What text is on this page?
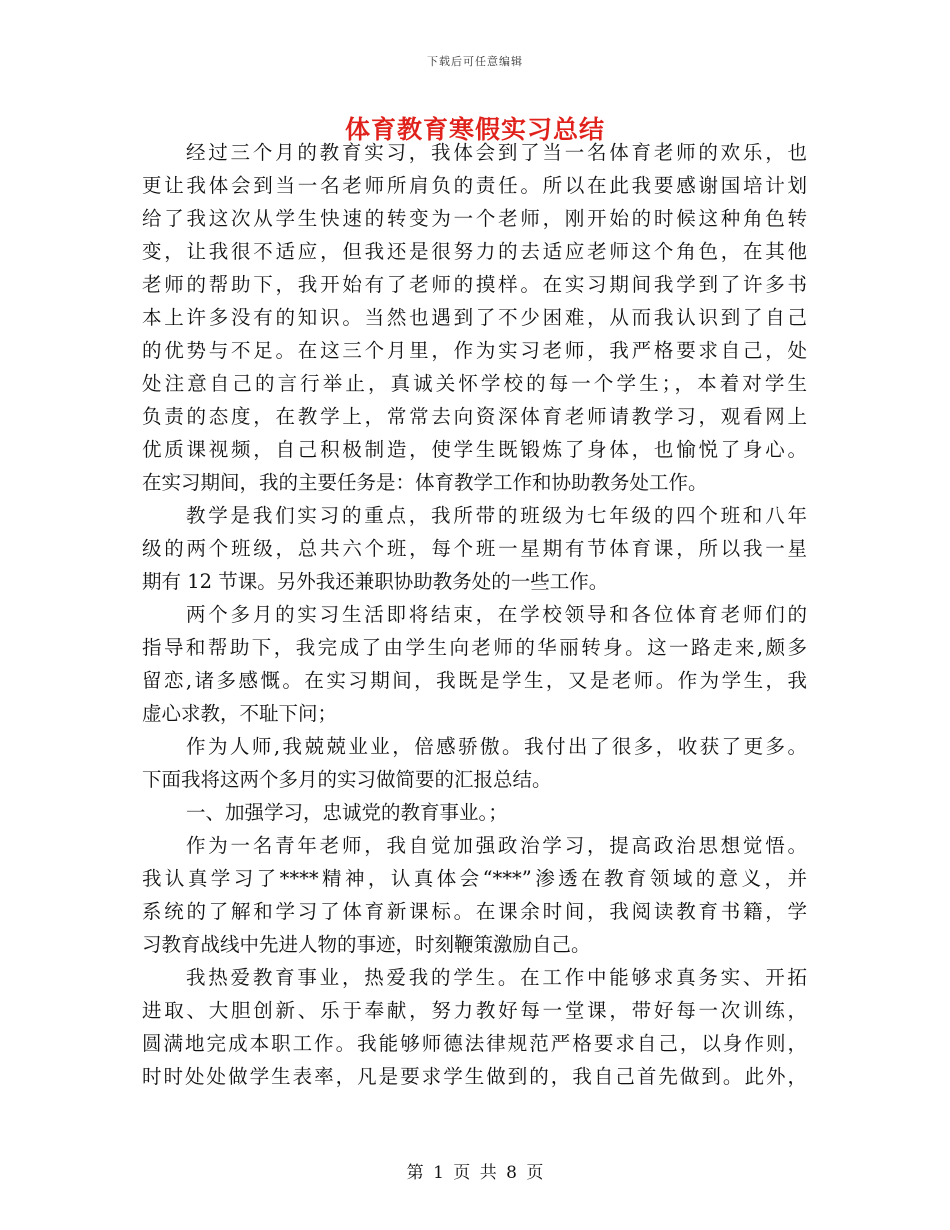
下载后可任意编辑
体育教育寒假实习总结
经过三个月的教育实习，我体会到了当一名体育老师的欢乐，也
更让我体会到当一名老师所肩负的责任。所以在此我要感谢国培计划
给了我这次从学生快速的转变为一个老师，刚开始的时候这种角色转
变，让我很不适应，但我还是很努力的去适应老师这个角色，在其他
老师的帮助下，我开始有了老师的摸样。在实习期间我学到了许多书
本上许多没有的知识。当然也遇到了不少困难，从而我认识到了自己
的优势与不足。在这三个月里，作为实习老师，我严格要求自己，处
处注意自己的言行举止，真诚关怀学校的每一个学生；，本着对学生
负责的态度，在教学上，常常去向资深体育老师请教学习，观看网上
优质课视频，自己积极制造，使学生既锻炼了身体，也愉悦了身心。
在实习期间，我的主要任务是：体育教学工作和协助教务处工作。
教学是我们实习的重点，我所带的班级为七年级的四个班和八年
级的两个班级，总共六个班，每个班一星期有节体育课，所以我一星
期有 12 节课。另外我还兼职协助教务处的一些工作。
两个多月的实习生活即将结束，在学校领导和各位体育老师们的
指导和帮助下，我完成了由学生向老师的华丽转身。这一路走来,颇多
留恋,诸多感慨。在实习期间，我既是学生，又是老师。作为学生，我
虚心求教，不耻下问；
作为人师,我兢兢业业，倍感骄傲。我付出了很多，收获了更多。
下面我将这两个多月的实习做简要的汇报总结。
一、加强学习，忠诚党的教育事业。；
作为一名青年老师，我自觉加强政治学习，提高政治思想觉悟。
我认真学习了****精神，认真体会“***”渗透在教育领域的意义，并
系统的了解和学习了体育新课标。在课余时间，我阅读教育书籍，学
习教育战线中先进人物的事迹，时刻鞭策激励自己。
我热爱教育事业，热爱我的学生。在工作中能够求真务实、开拓
进取、大胆创新、乐于奉献，努力教好每一堂课，带好每一次训练，
圆满地完成本职工作。我能够师德法律规范严格要求自己，以身作则，
时时处处做学生表率，凡是要求学生做到的，我自己首先做到。此外，
第 1 页 共 8 页
